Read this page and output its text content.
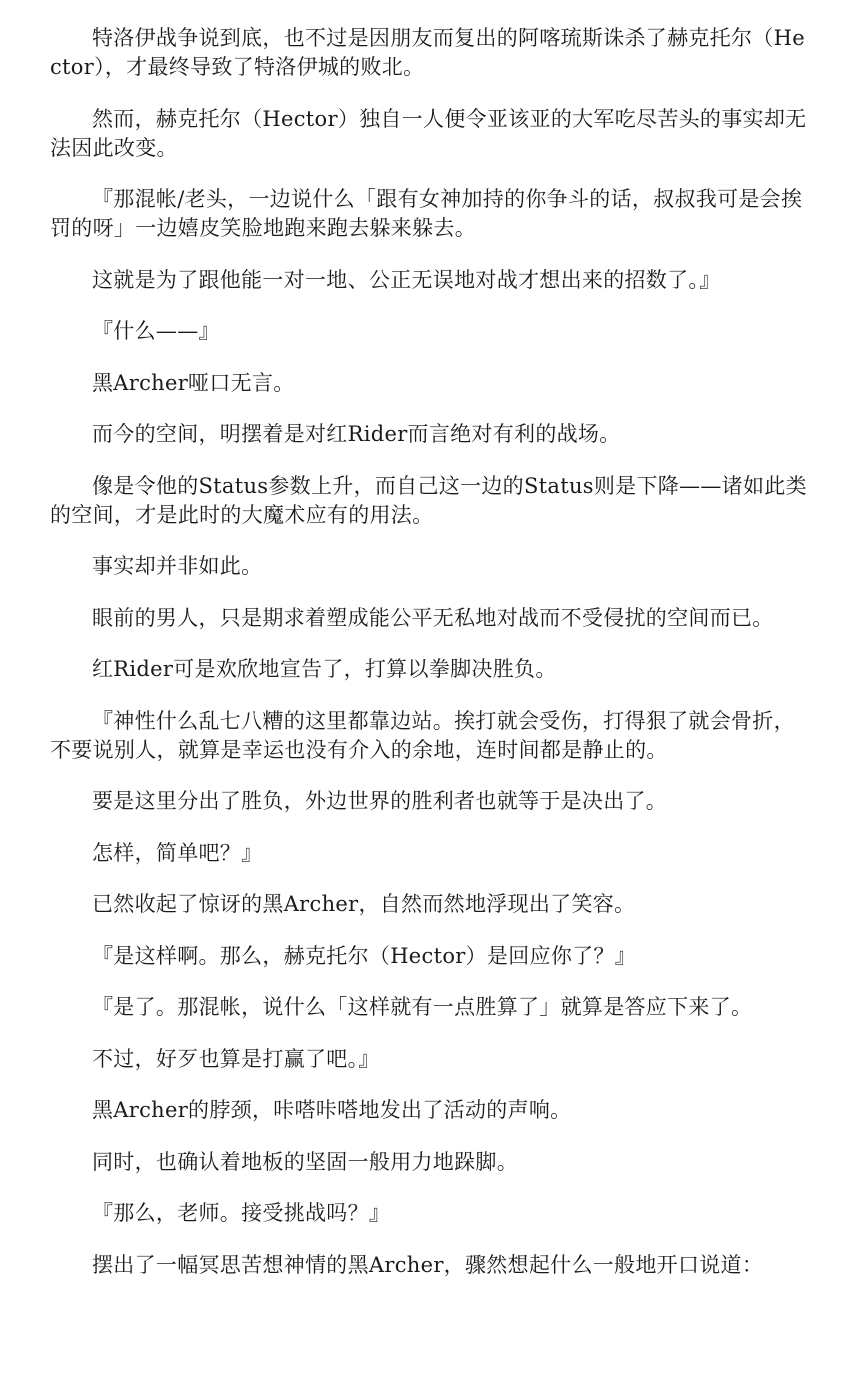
特洛伊战争说到底，也不过是因朋友而复出的阿喀琉斯诛杀了赫克托尔（Hector），才最终导致了特洛伊城的败北。

然而，赫克托尔（Hector）独自一人便令亚该亚的大军吃尽苦头的事实却无法因此改变。

『那混帐/老头，一边说什么「跟有女神加持的你争斗的话，叔叔我可是会挨罚的呀」一边嬉皮笑脸地跑来跑去躲来躲去。

这就是为了跟他能一对一地、公正无误地对战才想出来的招数了。』

『什么——』

黑Archer哑口无言。

而今的空间，明摆着是对红Rider而言绝对有利的战场。

像是令他的Status参数上升，而自己这一边的Status则是下降——诸如此类的空间，才是此时的大魔术应有的用法。

事实却并非如此。

眼前的男人，只是期求着塑成能公平无私地对战而不受侵扰的空间而已。

红Rider可是欢欣地宣告了，打算以拳脚决胜负。

『神性什么乱七八糟的这里都靠边站。挨打就会受伤，打得狠了就会骨折，不要说别人，就算是幸运也没有介入的余地，连时间都是静止的。

要是这里分出了胜负，外边世界的胜利者也就等于是决出了。

怎样，简单吧？』

已然收起了惊讶的黑Archer，自然而然地浮现出了笑容。

『是这样啊。那么，赫克托尔（Hector）是回应你了？』

『是了。那混帐，说什么「这样就有一点胜算了」就算是答应下来了。

不过，好歹也算是打赢了吧。』

黑Archer的脖颈，咔嗒咔嗒地发出了活动的声响。

同时，也确认着地板的坚固一般用力地跺脚。

『那么，老师。接受挑战吗？』

摆出了一幅冥思苦想神情的黑Archer，骤然想起什么一般地开口说道：
